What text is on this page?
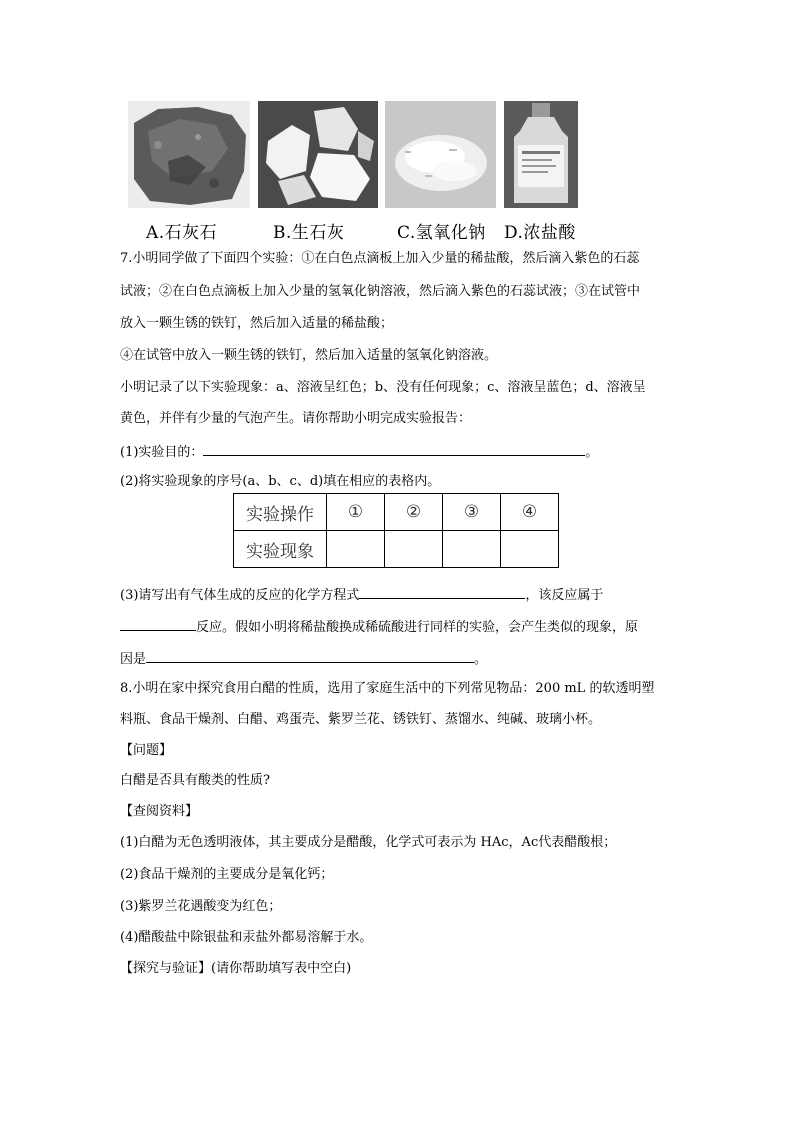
A.石灰石	B.生石灰	C.氢氧化钠 D.浓盐酸
7.小明同学做了下面四个实验：①在白色点滴板上加入少量的稀盐酸，然后滴入紫色的石蕊
试液；②在白色点滴板上加入少量的氢氧化钠溶液，然后滴入紫色的石蕊试液；③在试管中
放入一颗生锈的铁钉，然后加入适量的稀盐酸；
④在试管中放入一颗生锈的铁钉，然后加入适量的氢氧化钠溶液。
小明记录了以下实验现象：a、溶液呈红色；b、没有任何现象；c、溶液呈蓝色；d、溶液呈
黄色，并伴有少量的气泡产生。请你帮助小明完成实验报告：
(1)实验目的：	。
(2)将实验现象的序号(a、b、c、d)填在相应的表格内。
实验操作	①	②	③	④
实验现象				
(3)请写出有气体生成的反应的化学方程式	，该反应属于
反应。假如小明将稀盐酸换成稀硫酸进行同样的实验，会产生类似的现象，原
因是	。
8.小明在家中探究食用白醋的性质，选用了家庭生活中的下列常见物品：200 mL 的软透明塑
料瓶、食品干燥剂、白醋、鸡蛋壳、紫罗兰花、锈铁钉、蒸馏水、纯碱、玻璃小杯。
【问题】
白醋是否具有酸类的性质?
【查阅资料】
(1)白醋为无色透明液体，其主要成分是醋酸，化学式可表示为 HAc，Ac代表醋酸根；
(2)食品干燥剂的主要成分是氧化钙；
(3)紫罗兰花遇酸变为红色；
(4)醋酸盐中除银盐和汞盐外都易溶解于水。
【探究与验证】(请你帮助填写表中空白)
